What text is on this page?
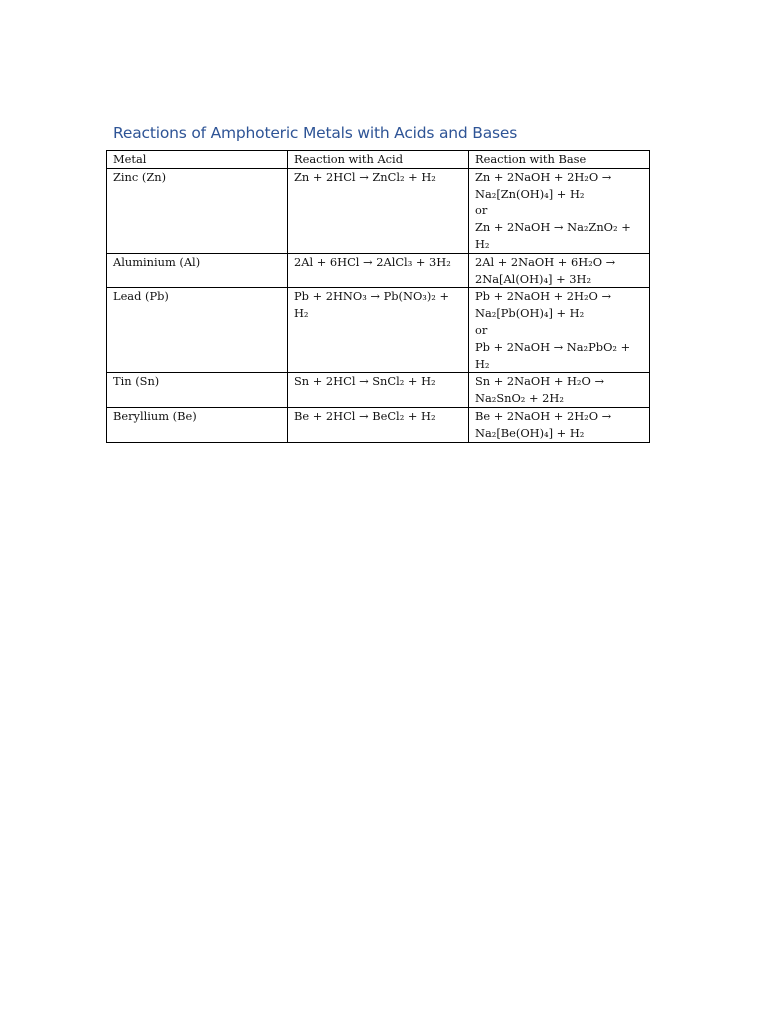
Reactions of Amphoteric Metals with Acids and Bases
Metal	Reaction with Acid	Reaction with Base
Zinc (Zn)	Zn + 2HCl → ZnCl₂ + H₂	Zn + 2NaOH + 2H₂O →
Na₂[Zn(OH)₄] + H₂
or
Zn + 2NaOH → Na₂ZnO₂ +
H₂
Aluminium (Al)	2Al + 6HCl → 2AlCl₃ + 3H₂	2Al + 2NaOH + 6H₂O →
2Na[Al(OH)₄] + 3H₂
Lead (Pb)	Pb + 2HNO₃ → Pb(NO₃)₂ +
H₂	Pb + 2NaOH + 2H₂O →
Na₂[Pb(OH)₄] + H₂
or
Pb + 2NaOH → Na₂PbO₂ +
H₂
Tin (Sn)	Sn + 2HCl → SnCl₂ + H₂	Sn + 2NaOH + H₂O →
Na₂SnO₂ + 2H₂
Beryllium (Be)	Be + 2HCl → BeCl₂ + H₂	Be + 2NaOH + 2H₂O →
Na₂[Be(OH)₄] + H₂
